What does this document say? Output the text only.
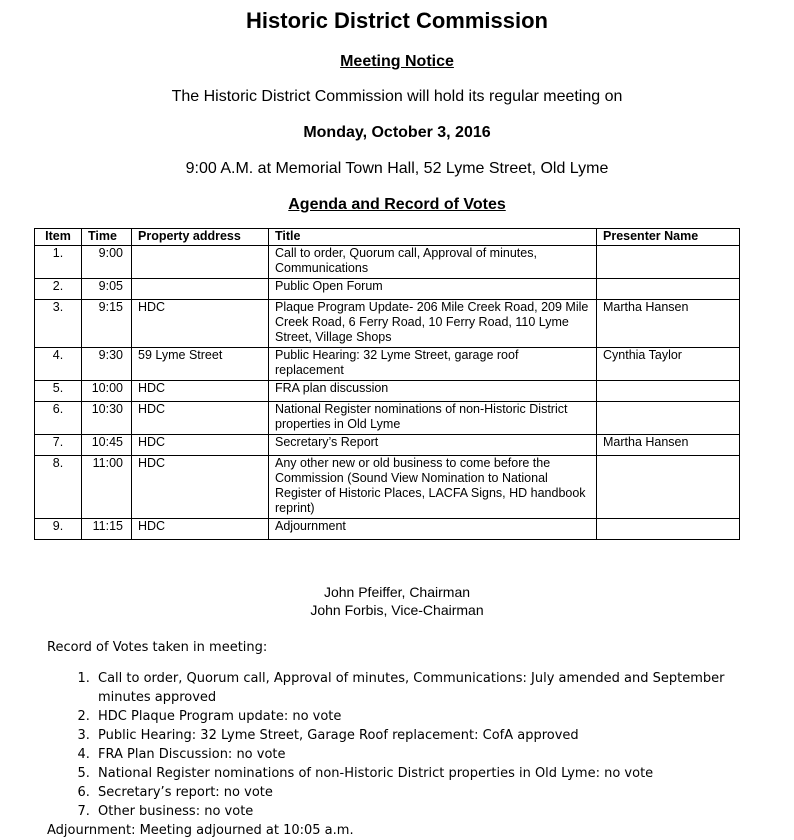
Historic District Commission
Meeting Notice
The Historic District Commission will hold its regular meeting on
Monday, October 3, 2016
9:00 A.M. at Memorial Town Hall, 52 Lyme Street, Old Lyme
Agenda and Record of Votes
Item	Time	Property address	Title	Presenter Name
1.	9:00		Call to order, Quorum call, Approval of minutes, Communications	
2.	9:05		Public Open Forum	
3.	9:15	HDC	Plaque Program Update- 206 Mile Creek Road, 209 Mile Creek Road, 6 Ferry Road, 10 Ferry Road, 110 Lyme Street, Village Shops	Martha Hansen
4.	9:30	59 Lyme Street	Public Hearing: 32 Lyme Street, garage roof replacement	Cynthia Taylor
5.	10:00	HDC	FRA plan discussion	
6.	10:30	HDC	National Register nominations of non-Historic District properties in Old Lyme	
7.	10:45	HDC	Secretary’s Report	Martha Hansen
8.	11:00	HDC	Any other new or old business to come before the Commission (Sound View Nomination to National Register of Historic Places, LACFA Signs, HD handbook reprint)	
9.	11:15	HDC	Adjournment	
John Pfeiffer, Chairman
John Forbis, Vice-Chairman

Record of Votes taken in meeting:

1. Call to order, Quorum call, Approval of minutes, Communications: July amended and September minutes approved
2. HDC Plaque Program update: no vote
3. Public Hearing: 32 Lyme Street, Garage Roof replacement: CofA approved
4. FRA Plan Discussion: no vote
5. National Register nominations of non-Historic District properties in Old Lyme: no vote
6. Secretary’s report: no vote
7. Other business: no vote

Adjournment: Meeting adjourned at 10:05 a.m.
